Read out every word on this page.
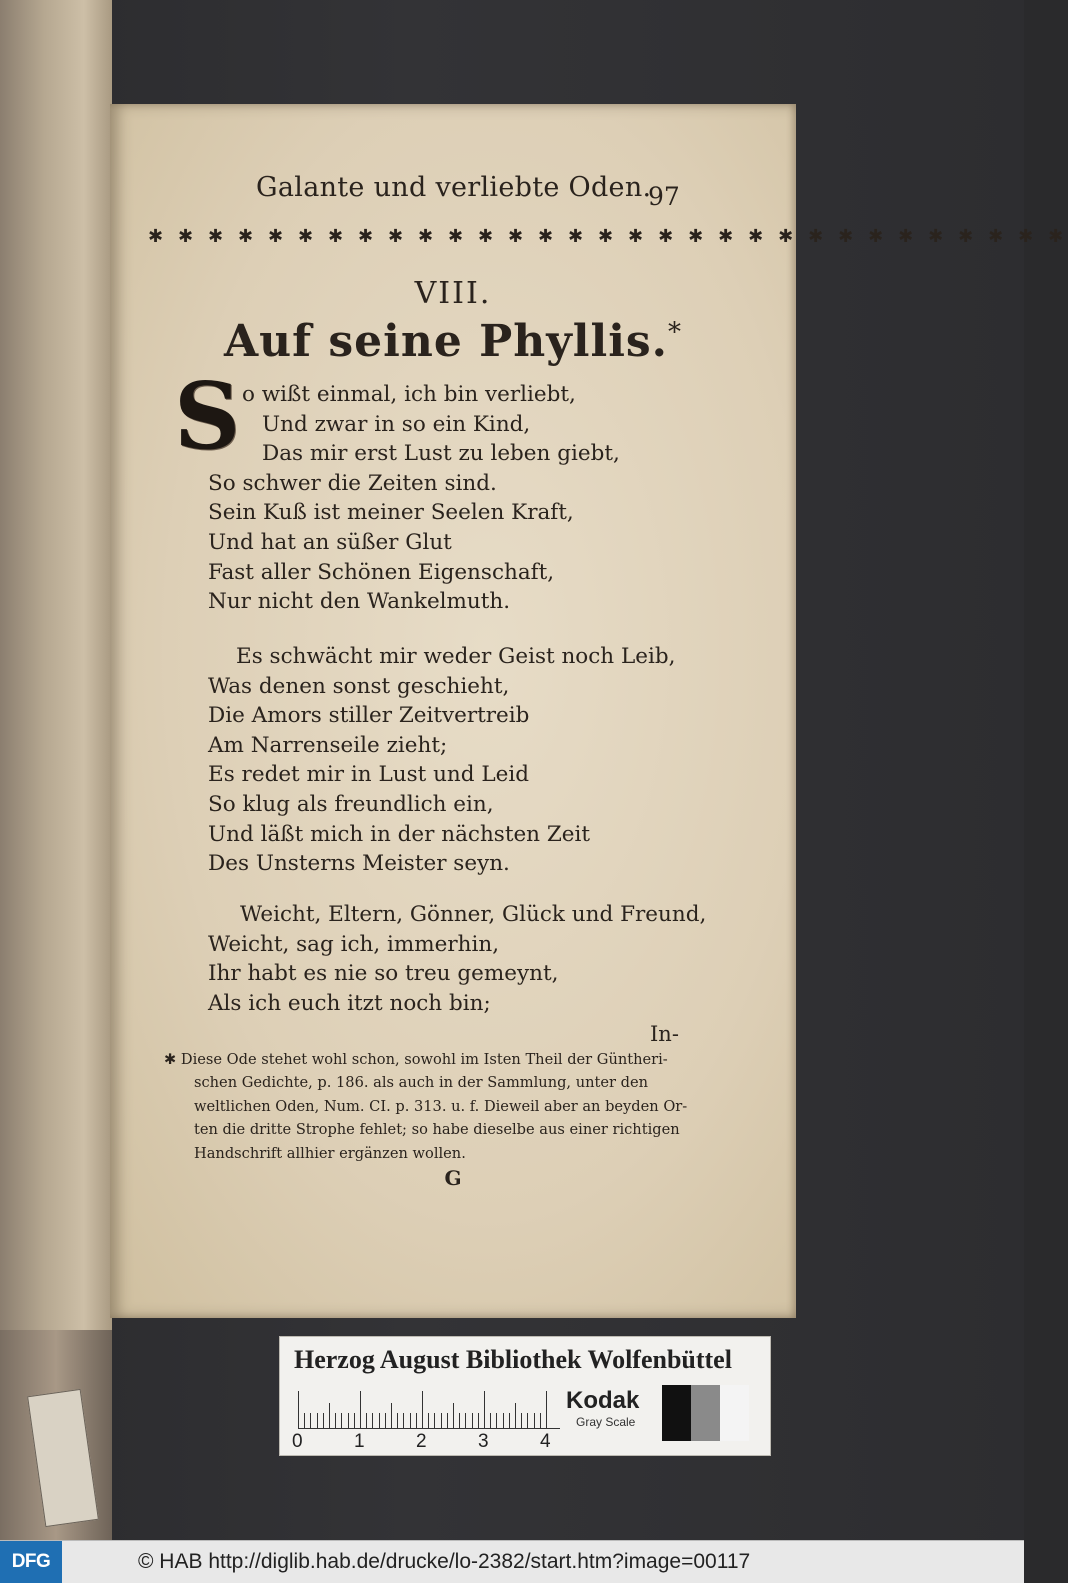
Galante und verliebte Oden.
97
✱ ✱ ✱ ✱ ✱ ✱ ✱ ✱ ✱ ✱ ✱ ✱ ✱ ✱ ✱ ✱ ✱ ✱ ✱ ✱ ✱ ✱ ✱ ✱ ✱ ✱ ✱ ✱ ✱ ✱ ✱
VIII.
Auf seine Phyllis.*
S o wißt einmal, ich bin verliebt,
Und zwar in so ein Kind,
Das mir erst Lust zu leben giebt,
So schwer die Zeiten sind.
Sein Kuß ist meiner Seelen Kraft,
Und hat an süßer Glut
Fast aller Schönen Eigenschaft,
Nur nicht den Wankelmuth.
Es schwächt mir weder Geist noch Leib,
Was denen sonst geschieht,
Die Amors stiller Zeitvertreib
Am Narrenseile zieht;
Es redet mir in Lust und Leid
So klug als freundlich ein,
Und läßt mich in der nächsten Zeit
Des Unsterns Meister seyn.
Weicht, Eltern, Gönner, Glück und Freund,
Weicht, sag ich, immerhin,
Ihr habt es nie so treu gemeynt,
Als ich euch itzt noch bin;
In-
✱ Diese Ode stehet wohl schon, sowohl im Isten Theil der Güntheri-
schen Gedichte, p. 186. als auch in der Sammlung, unter den
weltlichen Oden, Num. CI. p. 313. u. f. Dieweil aber an beyden Or-
ten die dritte Strophe fehlet; so habe dieselbe aus einer richtigen
Handschrift allhier ergänzen wollen.
G
Herzog August Bibliothek Wolfenbüttel
0	1	2	3	4
Kodak
Gray Scale
DFG	© HAB http://diglib.hab.de/drucke/lo-2382/start.htm?image=00117
